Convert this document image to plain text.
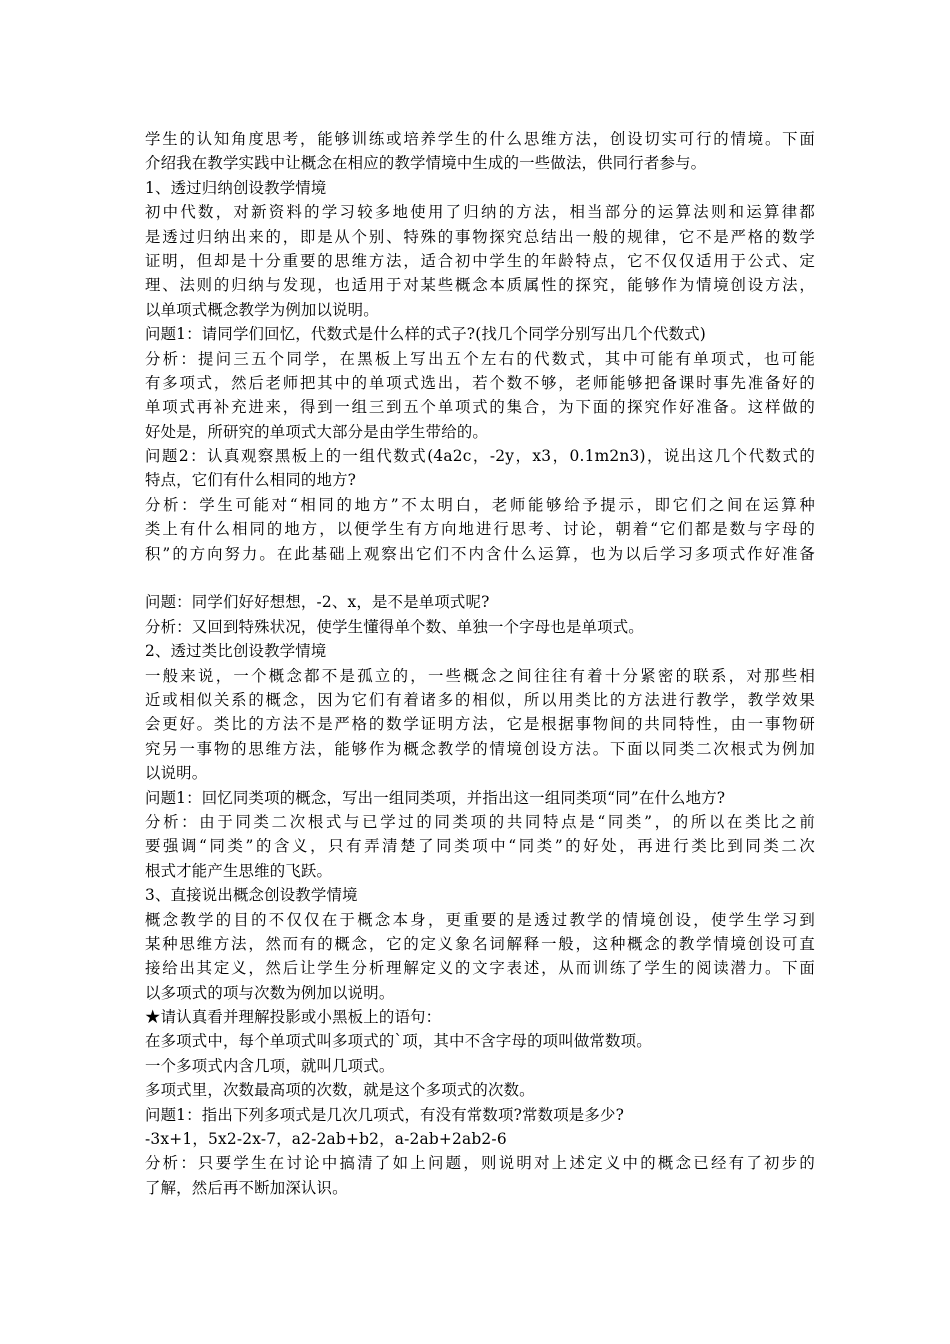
学生的认知角度思考，能够训练或培养学生的什么思维方法，创设切实可行的情境。下面
介绍我在教学实践中让概念在相应的教学情境中生成的一些做法，供同行者参与。
1、透过归纳创设教学情境
初中代数，对新资料的学习较多地使用了归纳的方法，相当部分的运算法则和运算律都
是透过归纳出来的，即是从个别、特殊的事物探究总结出一般的规律，它不是严格的数学
证明，但却是十分重要的思维方法，适合初中学生的年龄特点，它不仅仅适用于公式、定
理、法则的归纳与发现，也适用于对某些概念本质属性的探究，能够作为情境创设方法，
以单项式概念教学为例加以说明。
问题1：请同学们回忆，代数式是什么样的式子?(找几个同学分别写出几个代数式)
分析：提问三五个同学，在黑板上写出五个左右的代数式，其中可能有单项式，也可能
有多项式，然后老师把其中的单项式选出，若个数不够，老师能够把备课时事先准备好的
单项式再补充进来，得到一组三到五个单项式的集合，为下面的探究作好准备。这样做的
好处是，所研究的单项式大部分是由学生带给的。
问题2：认真观察黑板上的一组代数式(4a2c，-2y，x3，0.1m2n3)，说出这几个代数式的
特点，它们有什么相同的地方?
分析：学生可能对“相同的地方”不太明白，老师能够给予提示，即它们之间在运算种
类上有什么相同的地方，以便学生有方向地进行思考、讨论，朝着“它们都是数与字母的
积”的方向努力。在此基础上观察出它们不内含什么运算，也为以后学习多项式作好准备
问题：同学们好好想想，-2、x，是不是单项式呢?
分析：又回到特殊状况，使学生懂得单个数、单独一个字母也是单项式。
2、透过类比创设教学情境
一般来说，一个概念都不是孤立的，一些概念之间往往有着十分紧密的联系，对那些相
近或相似关系的概念，因为它们有着诸多的相似，所以用类比的方法进行教学，教学效果
会更好。类比的方法不是严格的数学证明方法，它是根据事物间的共同特性，由一事物研
究另一事物的思维方法，能够作为概念教学的情境创设方法。下面以同类二次根式为例加
以说明。
问题1：回忆同类项的概念，写出一组同类项，并指出这一组同类项“同”在什么地方?
分析：由于同类二次根式与已学过的同类项的共同特点是“同类”，的所以在类比之前
要强调“同类”的含义，只有弄清楚了同类项中“同类”的好处，再进行类比到同类二次
根式才能产生思维的飞跃。
3、直接说出概念创设教学情境
概念教学的目的不仅仅在于概念本身，更重要的是透过教学的情境创设，使学生学习到
某种思维方法，然而有的概念，它的定义象名词解释一般，这种概念的教学情境创设可直
接给出其定义，然后让学生分析理解定义的文字表述，从而训练了学生的阅读潜力。下面
以多项式的项与次数为例加以说明。
★请认真看并理解投影或小黑板上的语句：
在多项式中，每个单项式叫多项式的`项，其中不含字母的项叫做常数项。
一个多项式内含几项，就叫几项式。
多项式里，次数最高项的次数，就是这个多项式的次数。
问题1：指出下列多项式是几次几项式，有没有常数项?常数项是多少?
-3x+1，5x2-2x-7，a2-2ab+b2，a-2ab+2ab2-6
分析：只要学生在讨论中搞清了如上问题，则说明对上述定义中的概念已经有了初步的
了解，然后再不断加深认识。
